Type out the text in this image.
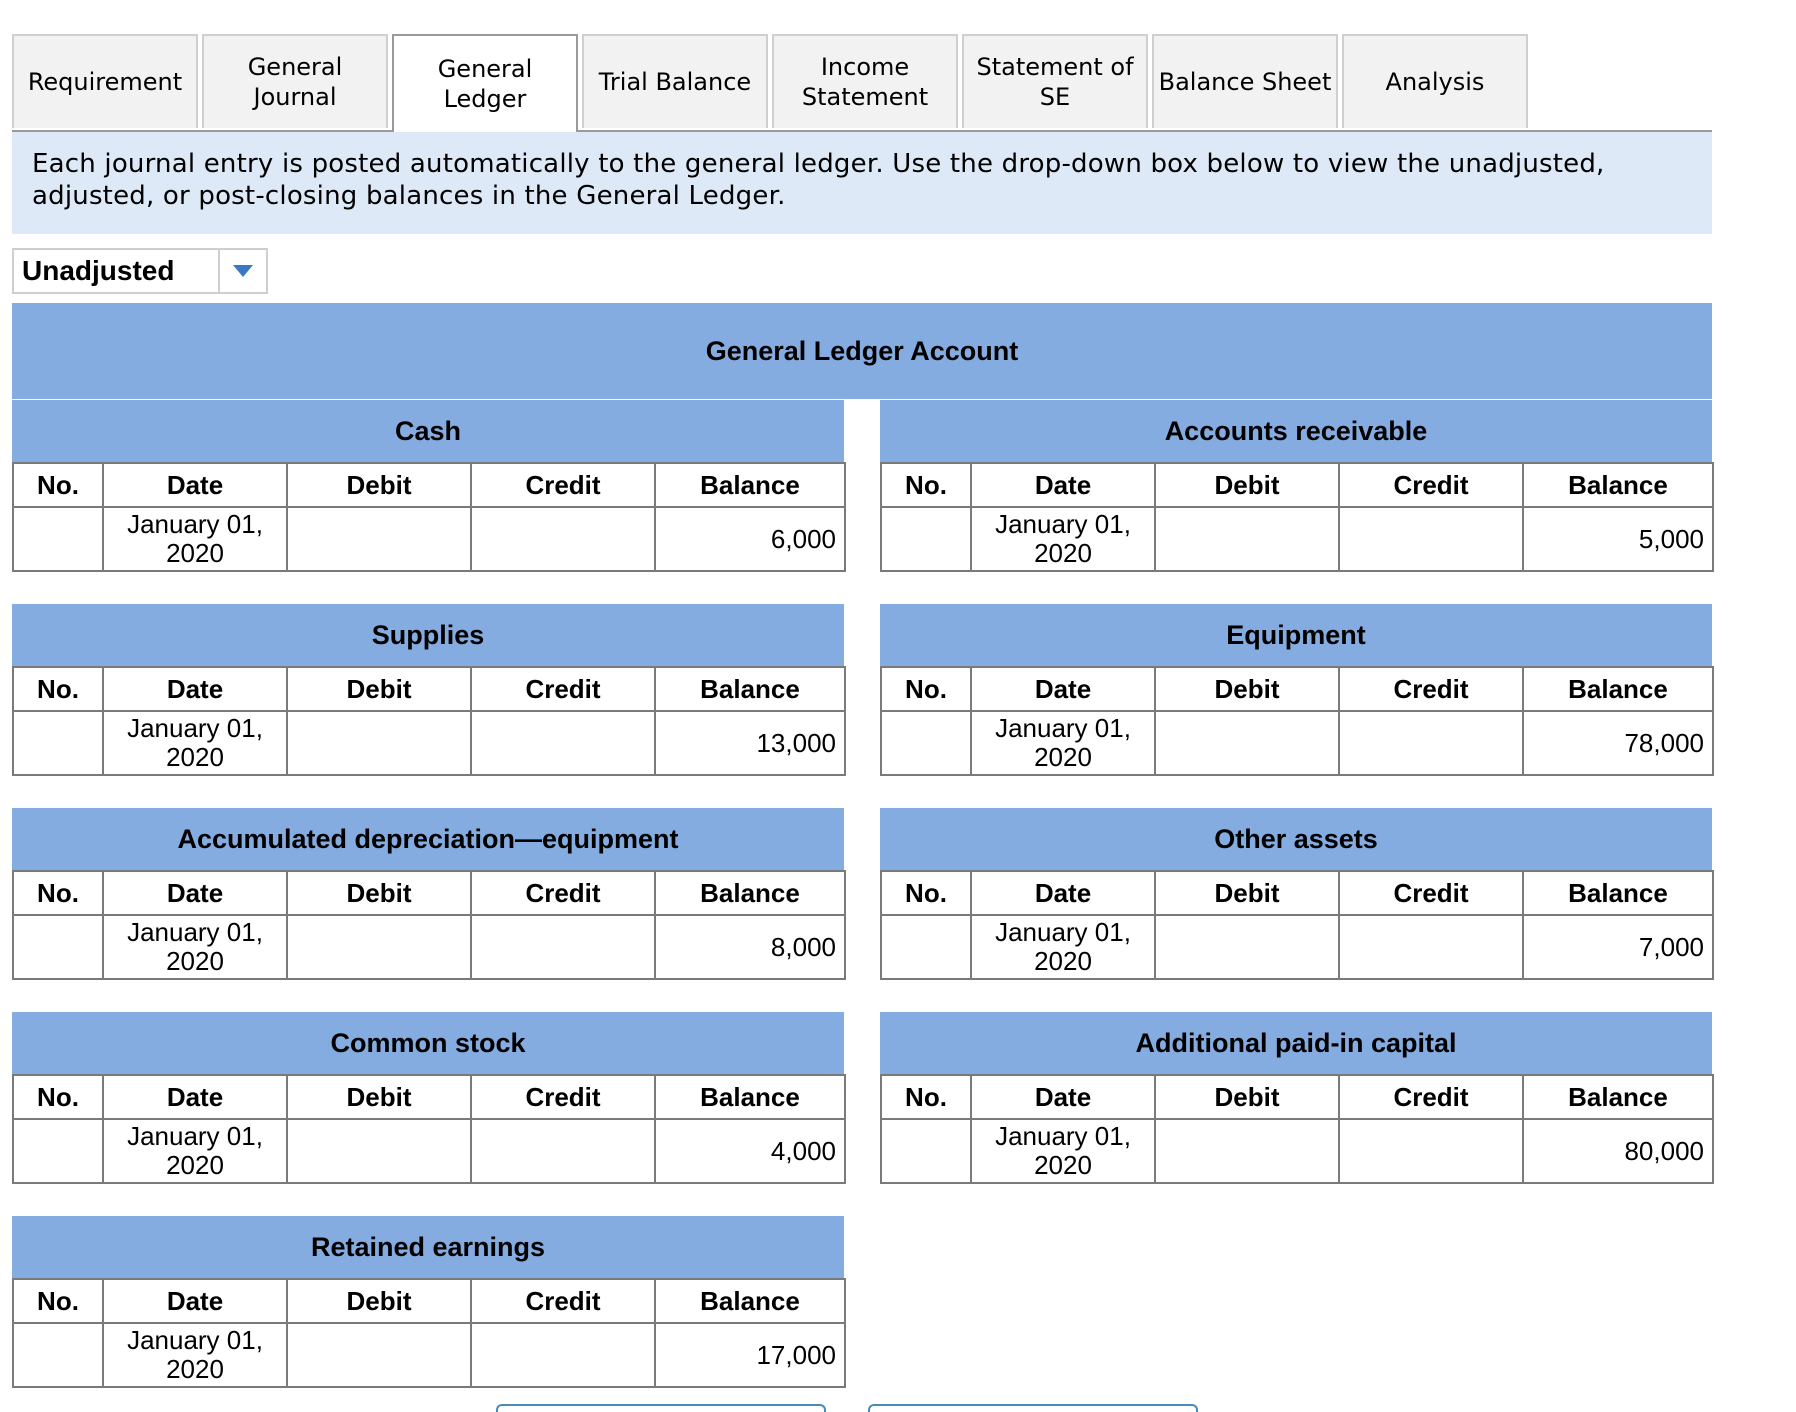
Requirement
General Journal
General Ledger
Trial Balance
Income Statement
Statement of SE
Balance Sheet	Analysis
Each journal entry is posted automatically to the general ledger. Use the drop-down box below to view the unadjusted, adjusted, or post-closing balances in the General Ledger.
Unadjusted
General Ledger Account
Cash
No.	Date	Debit	Credit	Balance
	January 01, 2020			6,000
Accounts receivable
No.	Date	Debit	Credit	Balance
	January 01, 2020			5,000
Supplies
No.	Date	Debit	Credit	Balance
	January 01, 2020			13,000
Equipment
No.	Date	Debit	Credit	Balance
	January 01, 2020			78,000
Accumulated depreciation—equipment
No.	Date	Debit	Credit	Balance
	January 01, 2020			8,000
Other assets
No.	Date	Debit	Credit	Balance
	January 01, 2020			7,000
Common stock
No.	Date	Debit	Credit	Balance
	January 01, 2020			4,000
Additional paid-in capital
No.	Date	Debit	Credit	Balance
	January 01, 2020			80,000
Retained earnings
No.	Date	Debit	Credit	Balance
	January 01, 2020			17,000
